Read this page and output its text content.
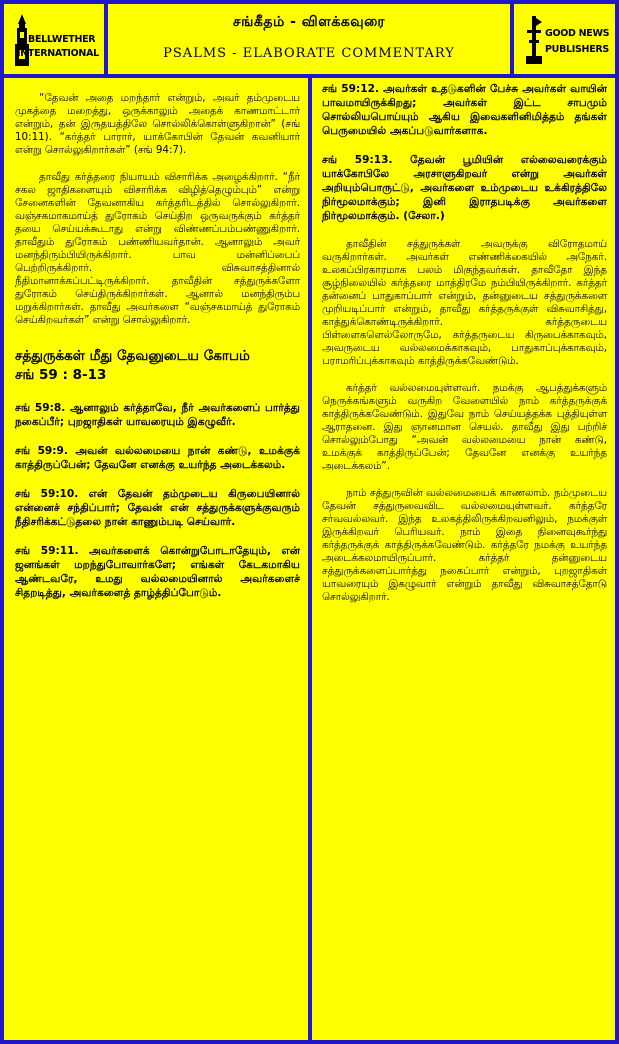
BELLWETHER
INTERNATIONAL
சங்கீதம் - விளக்கவுரை
PSALMS - ELABORATE COMMENTARY
GOOD NEWS
PUBLISHERS

“தேவன் அதை மறந்தார் என்றும், அவர் தம்முடைய முகத்தை மறைத்து, ஒருக்காலும் அதைக் காணமாட்டார் என்றும், தன் இருதயத்திலே சொல்லிக்கொள்ளுகிறான்” (சங் 10:11). “கர்த்தர் பாரார், யாக்கோபின் தேவன் கவனியார் என்று சொல்லுகிறார்கள்” (சங் 94:7).

தாவீது கர்த்தரை நியாயம் விசாரிக்க அழைக்கிறார். “நீர் சகல ஜாதிகளையும் விசாரிக்க விழித்தெழும்பும்” என்று சேனைகளின் தேவனாகிய கர்த்தரிடத்தில் சொல்லுகிறார். வஞ்சகமாகமாய்த் துரோகம் செய்திற ஒருவருக்கும் கர்த்தர் தயை செய்யக்கூடாது என்று விண்ணப்பம்பண்ணுகிறார். தாவீதும் துரோகம் பண்ணியவர்தான். ஆனாலும் அவர் மனந்திரும்பியிருக்கிறார். பாவ மன்னிப்பைப் பெற்றிருக்கிறார். விசுவாசத்தினால் நீதிமானாக்கப்பட்டிருக்கிறார். தாவீதின் சத்துருக்களோ துரோகம் செய்திருக்கிறார்கள். ஆனால் மனந்திரும்ப மறுக்கிறார்கள். தாவீது அவர்களை “வஞ்சகமாய்த் துரோகம் செய்கிறவர்கள்” என்று சொல்லுகிறார்.

சத்துருக்கள் மீது தேவனுடைய கோபம்
சங் 59 : 8-13

சங் 59:8. ஆனாலும் கர்த்தாவே, நீர் அவர்களைப் பார்த்து நகைப்பீர்; புறஜாதிகள் யாவரையும் இகழுவீர்.

சங் 59:9. அவன் வல்லமையை நான் கண்டு, உமக்குக் காத்திருப்பேன்; தேவனே எனக்கு உயர்ந்த அடைக்கலம்.

சங் 59:10. என் தேவன் தம்முடைய கிருபையினால் என்னைச் சந்திப்பார்; தேவன் என் சத்துருக்களுக்குவரும் நீதிசரிக்கட்டுதலை நான் காணும்படி செய்வார்.

சங் 59:11. அவர்களைக் கொன்றுபோடாதேயும், என் ஜனங்கள் மறந்துபோவார்களே; எங்கள் கேடகமாகிய ஆண்டவரே, உமது வல்லமையினால் அவர்களைச் சிதறடித்து, அவர்களைத் தாழ்த்திப்போடும்.

சங் 59:12. அவர்கள் உதடுகளின் பேச்சு அவர்கள் வாயின் பாவமாயிருக்கிறது; அவர்கள் இட்ட சாபமும் சொல்லியபொய்யும் ஆகிய இவைகளினிமித்தம் தங்கள் பெருமையில் அகப்படுவார்களாக.

சங் 59:13. தேவன் பூமியின் எல்லைவரைக்கும் யாக்கோபிலே அரசாளுகிறவர் என்று அவர்கள் அறியும்பொருட்டு, அவர்களை உம்முடைய உக்கிரத்திலே நிர்மூலமாக்கும்; இனி இராதபடிக்கு அவர்களை நிர்மூலமாக்கும். (சேலா.)

தாவீதின் சத்துருக்கள் அவருக்கு விரோதமாய் வருகிறார்கள். அவர்கள் எண்ணிக்கையில் அநேகர். உலகப்பிரகாரமாக பலம் மிகுந்தவர்கள். தாவீதோ இந்த சூழ்நிலையில் கர்த்தரை மாத்திரமே நம்பியிருக்கிறார். கர்த்தர் தன்னைப் பாதுகாப்பார் என்றும், தன்னுடைய சத்துருக்களை முறியடிப்பார் என்றும், தாவீது கர்த்தருக்குள் விசுவாசித்து, காத்துக்கொண்டிருக்கிறார். கர்த்தருடைய பிள்ளைகளெல்லோருமே, கர்த்தருடைய கிருபைக்காகவும், அவருடைய வல்லமைக்காகவும், பாதுகாப்புக்காகவும், பராமரிப்புக்காகவும் காத்திருக்கவேண்டும்.

கர்த்தர் வல்லமையுள்ளவர். நமக்கு ஆபத்துக்களும் நெருக்கங்களும் வருகிற வேளையில் நாம் கர்த்தருக்குக் காத்திருக்கவேண்டும். இதுவே நாம் செய்யத்தக்க புத்தியுள்ள ஆராதனை. இது ஞானமான செயல். தாவீது இது பற்றிச் சொல்லும்போது “அவன் வல்லமையை நான் கண்டு, உமக்குக் காத்திருப்பேன்; தேவனே எனக்கு உயர்ந்த அடைக்கலம்”.

நாம் சத்துருவின் வல்லமையைக் காணலாம். நம்முடைய தேவன் சத்துருவைவிட வல்லமையுள்ளவர். கர்த்தரே சர்வவல்லவர். இந்த உலகத்திலிருக்கிறவனிலும், நமக்குள் இருக்கிறவர் பெரியவர். நாம் இதை நினைவுகூர்ந்து கர்த்தருக்குக் காத்திருக்கவேண்டும். கர்த்தரே நமக்கு உயர்ந்த அடைக்கலமாயிருப்பார். கர்த்தர் தன்னுடைய சத்துருக்களைப்பார்த்து நகைப்பார் என்றும், புறஜாதிகள் யாவரையும் இகழுவார் என்றும் தாவீது விசுவாசத்தோடு சொல்லுகிறார்.
